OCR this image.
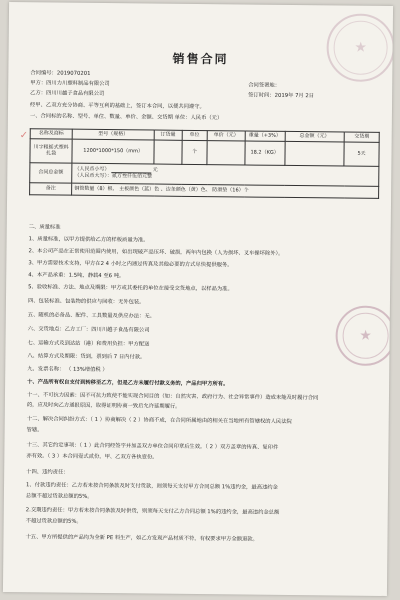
★
★
销售合同
合同编号：2019070201
甲方：四川力川塑料制品有限公司	合同签署地：
乙方：四川川越子食品有限公司	签订时间：2019年 7月 2日
经甲、乙双方充分协商、平等互利的基础上，签订本合同，以便共同遵守。
一、合同标的名称、型号、单位、数量、单价、金额、交货期 单位：人民币（元）
名称及商标	型号（规格）	订货量	单位	单价（元）	重量（+3%）	总金额（元）	交货期
川字粗摇式塑料扎袋	1200*1000*150（mm）		个		18.2（KG）		5天
合同总金额	（人民币小写） 元
（人民币大写）：贰万叁仟伍佰元整						

备注	铜管数量（8）根、 主板颜色（蓝）色 、边条颜色（黄）色、 防滑垫（16）个						
二、质量标准
1、质量标准，以甲方提供给乙方的样板质量为准。
2、本公司产品在正常使用范围内使用，如出现破产品压坏、破损，两年内包换（人为损坏、叉车操坏除外）。
3、甲方需要技术支持，甲方在2 4 小时之内通过传真及其他必要的方式尽快提供服务。
4、本产品承重：1.5吨，静载4 至6 吨。
5、验收标准、方法、地点及期限：甲方或其委托的单位在接受交货地点，以样品为准。
四、包装标准、包装物的供应与回收：无外包装。
五、随机的必备品、配件、工具数量及供应办法：无。
六、交货地点：乙方工厂：四川川越子食品有限公司
七、运输方式及到达站（港）和费用负担：甲方配送
八、结算方式及期限：货到，票到后 7 日内付款。
九、发票名称： （ 13%增值税 ）
十、产品所有权自支付到转移至乙方，但是乙方未履行付款义务的，产品归甲方所有。
十一、不可抗力因素：因不可抗力致使不能实现合同目的（如：自然灾害、政府行为、社会异常事件）造成未能及时履行合同
的，应及时向乙方通报原因，取得证明协商一致后允许延期履行。
十二、解决合同纠纷方式：（ 1 ）协商解决（ 2 ）协商不成，在合同所属地由的相关在当地所有管辖权的人民法院
管辖。
十三、其它约定事项：（ 1 ）此合同经签字并加盖双方单位合同印章后生效。（ 2 ）双方盖章的传真、复印件
亦有效。（ 3 ）本合同壹式贰份，甲、乙双方各执壹份。
十四、违约责任：
1、付款违约责任：乙方若未按合同条款及时支付货款，则须每天支付甲方合同总额 1%违约金，最高违约金
总额不超过货款总额的5%。
2.交期违约责任：甲方若未按合同条款及时供货，则须每天支付乙方合同总额 1%的违约金，最高违约金总额
不超过货款总额的5%。
十五、甲方所提供的产品均为全新 PE 料生产，如乙方发现产品材质不符，有权要求甲方全额退款。
✓
